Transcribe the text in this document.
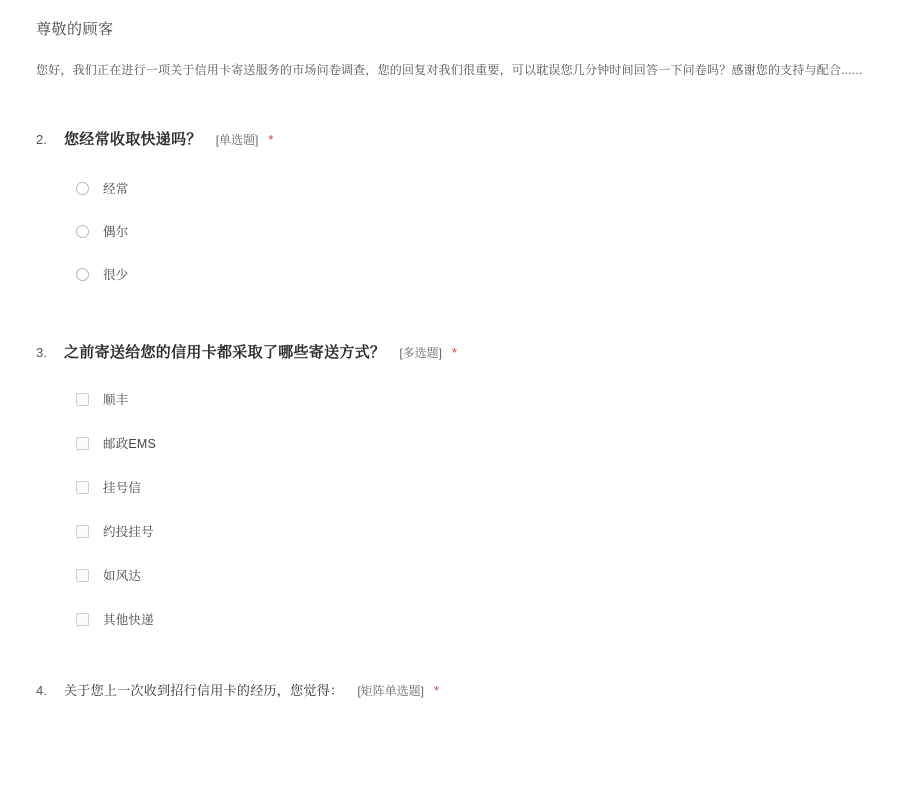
尊敬的顾客
您好，我们正在进行一项关于信用卡寄送服务的市场问卷调查，您的回复对我们很重要，可以耽误您几分钟时间回答一下问卷吗？感谢您的支持与配合......
2.	您经常收取快递吗？ [单选题] *
经常
偶尔
很少
3.	之前寄送给您的信用卡都采取了哪些寄送方式？ [多选题] *
顺丰
邮政EMS
挂号信
约投挂号
如风达
其他快递
4.	关于您上一次收到招行信用卡的经历，您觉得： [矩阵单选题] *
